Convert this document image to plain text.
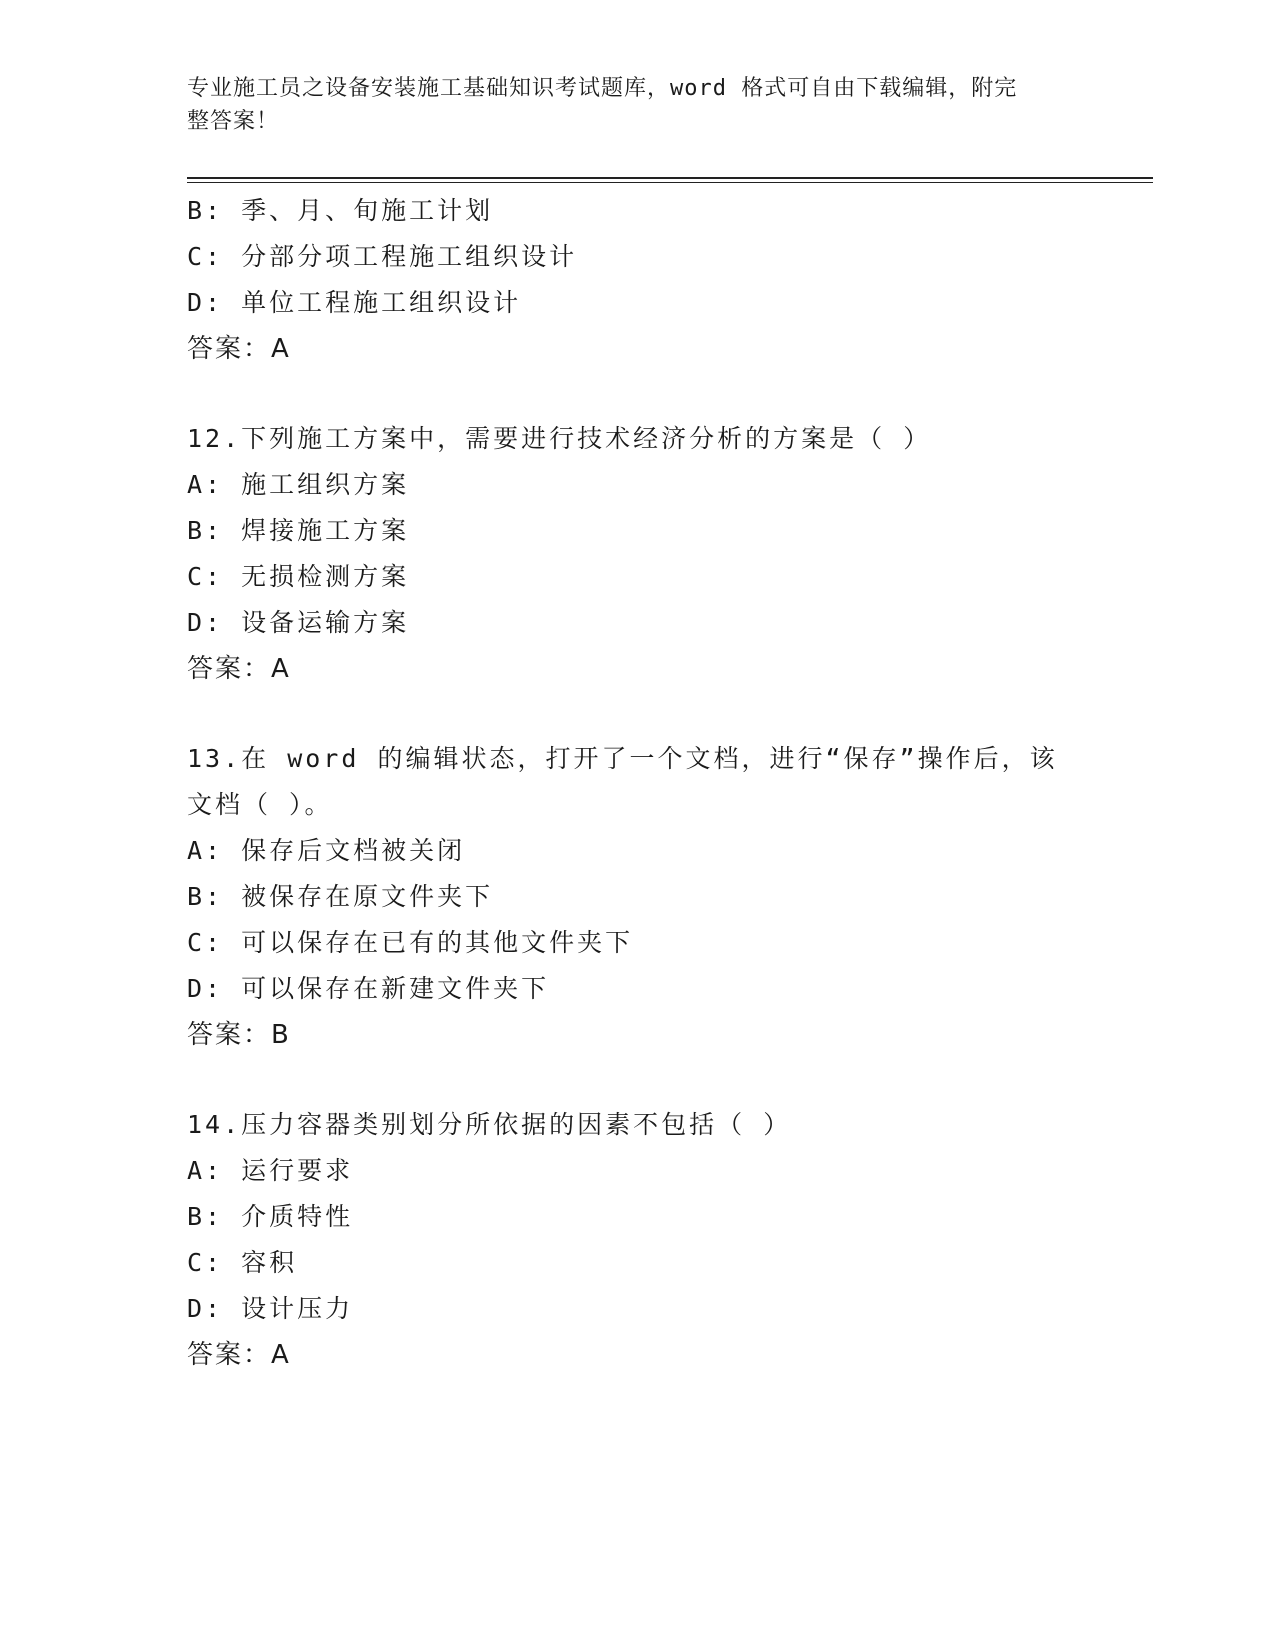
专业施工员之设备安装施工基础知识考试题库，word 格式可自由下载编辑，附完
整答案！
B: 季、月、旬施工计划
C: 分部分项工程施工组织设计
D: 单位工程施工组织设计
答案：A
12.下列施工方案中，需要进行技术经济分析的方案是（ ）
A: 施工组织方案
B: 焊接施工方案
C: 无损检测方案
D: 设备运输方案
答案：A
13.在 word 的编辑状态，打开了一个文档，进行“保存”操作后，该
文档（ ）。
A: 保存后文档被关闭
B: 被保存在原文件夹下
C: 可以保存在已有的其他文件夹下
D: 可以保存在新建文件夹下
答案：B
14.压力容器类别划分所依据的因素不包括（ ）
A: 运行要求
B: 介质特性
C: 容积
D: 设计压力
答案：A
